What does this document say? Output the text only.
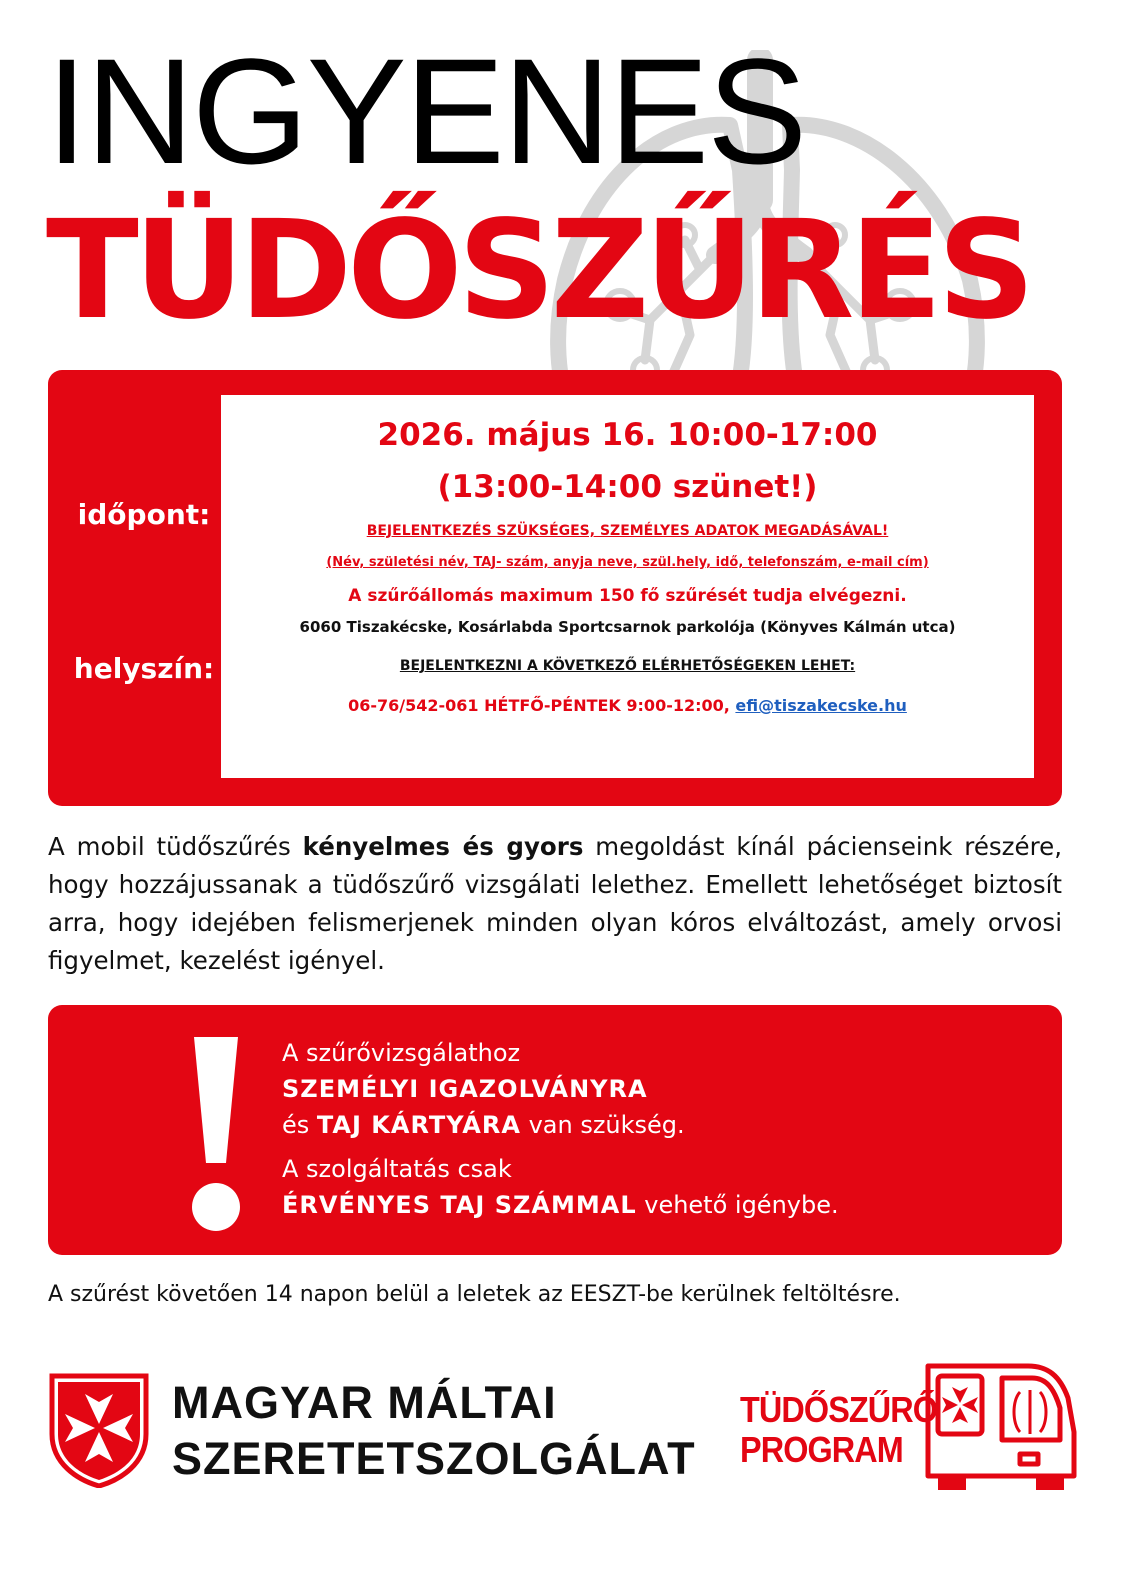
INGYENES
TÜDŐSZŰRÉS

időpont:

helyszín:

2026. május 16. 10:00-17:00

(13:00-14:00 szünet!)

BEJELENTKEZÉS SZÜKSÉGES, SZEMÉLYES ADATOK MEGADÁSÁVAL!

(Név, születési név, TAJ- szám, anyja neve, szül.hely, idő, telefonszám, e-mail cím)

A szűrőállomás maximum 150 fő szűrését tudja elvégezni.

6060 Tiszakécske, Kosárlabda Sportcsarnok parkolója (Könyves Kálmán utca)

BEJELENTKEZNI A KÖVETKEZŐ ELÉRHETŐSÉGEKEN LEHET:

06-76/542-061 HÉTFŐ-PÉNTEK 9:00-12:00, efi@tiszakecske.hu

A mobil tüdőszűrés kényelmes és gyors megoldást kínál pácienseink részére, hogy hozzájussanak a tüdőszűrő vizsgálati lelethez. Emellett lehetőséget biztosít arra, hogy idejében felismerjenek minden olyan kóros elváltozást, amely orvosi figyelmet, kezelést igényel.

A szűrővizsgálathoz

SZEMÉLYI IGAZOLVÁNYRA

és TAJ KÁRTYÁRA van szükség.

A szolgáltatás csak

ÉRVÉNYES TAJ SZÁMMAL vehető igénybe.

A szűrést követően 14 napon belül a leletek az EESZT-be kerülnek feltöltésre.

MAGYAR MÁLTAI
SZERETETSZOLGÁLAT

TÜDŐSZŰRŐ
PROGRAM
